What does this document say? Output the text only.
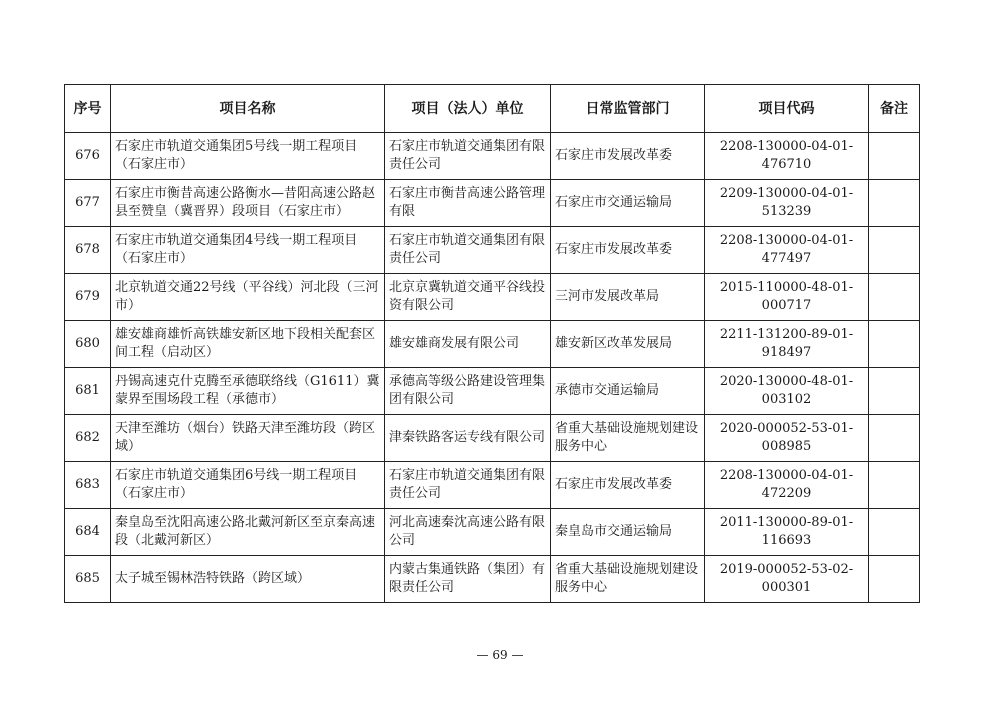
序号	项目名称	项目（法人）单位	日常监管部门	项目代码	备注
676	石家庄市轨道交通集团5号线一期工程项目（石家庄市）	石家庄市轨道交通集团有限责任公司	石家庄市发展改革委	2208-130000-04-01-476710	
677	石家庄市衡昔高速公路衡水—昔阳高速公路赵县至赞皇（冀晋界）段项目（石家庄市）	石家庄市衡昔高速公路管理有限	石家庄市交通运输局	2209-130000-04-01-513239	
678	石家庄市轨道交通集团4号线一期工程项目（石家庄市）	石家庄市轨道交通集团有限责任公司	石家庄市发展改革委	2208-130000-04-01-477497	
679	北京轨道交通22号线（平谷线）河北段（三河市）	北京京冀轨道交通平谷线投资有限公司	三河市发展改革局	2015-110000-48-01-000717	
680	雄安雄商雄忻高铁雄安新区地下段相关配套区间工程（启动区）	雄安雄商发展有限公司	雄安新区改革发展局	2211-131200-89-01-918497	
681	丹锡高速克什克腾至承德联络线（G1611）冀蒙界至围场段工程（承德市）	承德高等级公路建设管理集团有限公司	承德市交通运输局	2020-130000-48-01-003102	
682	天津至潍坊（烟台）铁路天津至潍坊段（跨区域）	津秦铁路客运专线有限公司	省重大基础设施规划建设服务中心	2020-000052-53-01-008985	
683	石家庄市轨道交通集团6号线一期工程项目（石家庄市）	石家庄市轨道交通集团有限责任公司	石家庄市发展改革委	2208-130000-04-01-472209	
684	秦皇岛至沈阳高速公路北戴河新区至京秦高速段（北戴河新区）	河北高速秦沈高速公路有限公司	秦皇岛市交通运输局	2011-130000-89-01-116693	
685	太子城至锡林浩特铁路（跨区域）	内蒙古集通铁路（集团）有限责任公司	省重大基础设施规划建设服务中心	2019-000052-53-02-000301	
— 69 —
